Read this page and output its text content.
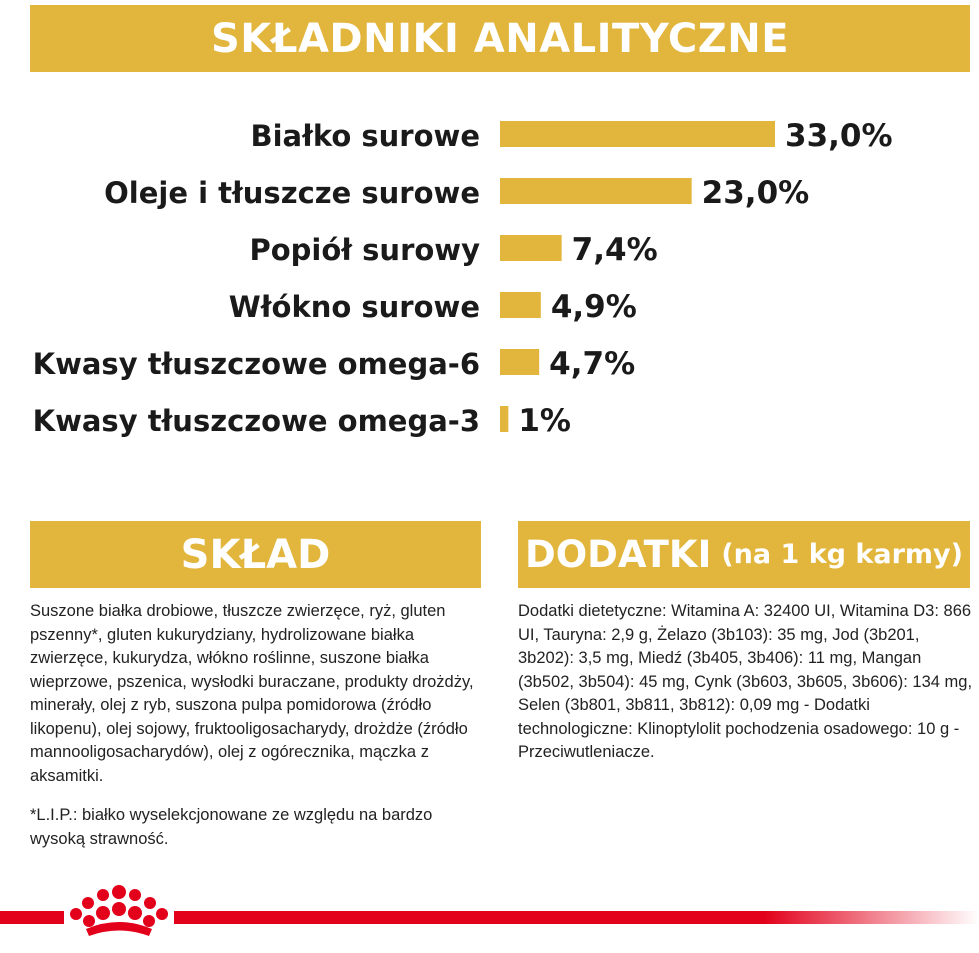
SKŁADNIKI ANALITYCZNE
Białko surowe	33,0%
Oleje i tłuszcze surowe	23,0%
Popiół surowy	7,4%
Włókno surowe 4,9%
Kwasy tłuszczowe omega-6 4,7%
Kwasy tłuszczowe omega-3 1%
SKŁAD	DODATKI (na 1 kg karmy)
Suszone białka drobiowe, tłuszcze zwierzęce, ryż, gluten pszenny*, gluten kukurydziany, hydrolizowane białka zwierzęce, kukurydza, włókno roślinne, suszone białka wieprzowe, pszenica, wysłodki buraczane, produkty drożdży, minerały, olej z ryb, suszona pulpa pomidorowa (źródło likopenu), olej sojowy, fruktooligosacharydy, drożdże (źródło mannooligosacharydów), olej z ogórecznika, mączka z aksamitki.
*L.I.P.: białko wyselekcjonowane ze względu na bardzo wysoką strawność.
Dodatki dietetyczne: Witamina A: 32400 UI, Witamina D3: 866 UI, Tauryna: 2,9 g, Żelazo (3b103): 35 mg, Jod (3b201, 3b202): 3,5 mg, Miedź (3b405, 3b406): 11 mg, Mangan (3b502, 3b504): 45 mg, Cynk (3b603, 3b605, 3b606): 134 mg, Selen (3b801, 3b811, 3b812): 0,09 mg - Dodatki technologiczne: Klinoptylolit pochodzenia osadowego: 10 g - Przeciwutleniacze.
